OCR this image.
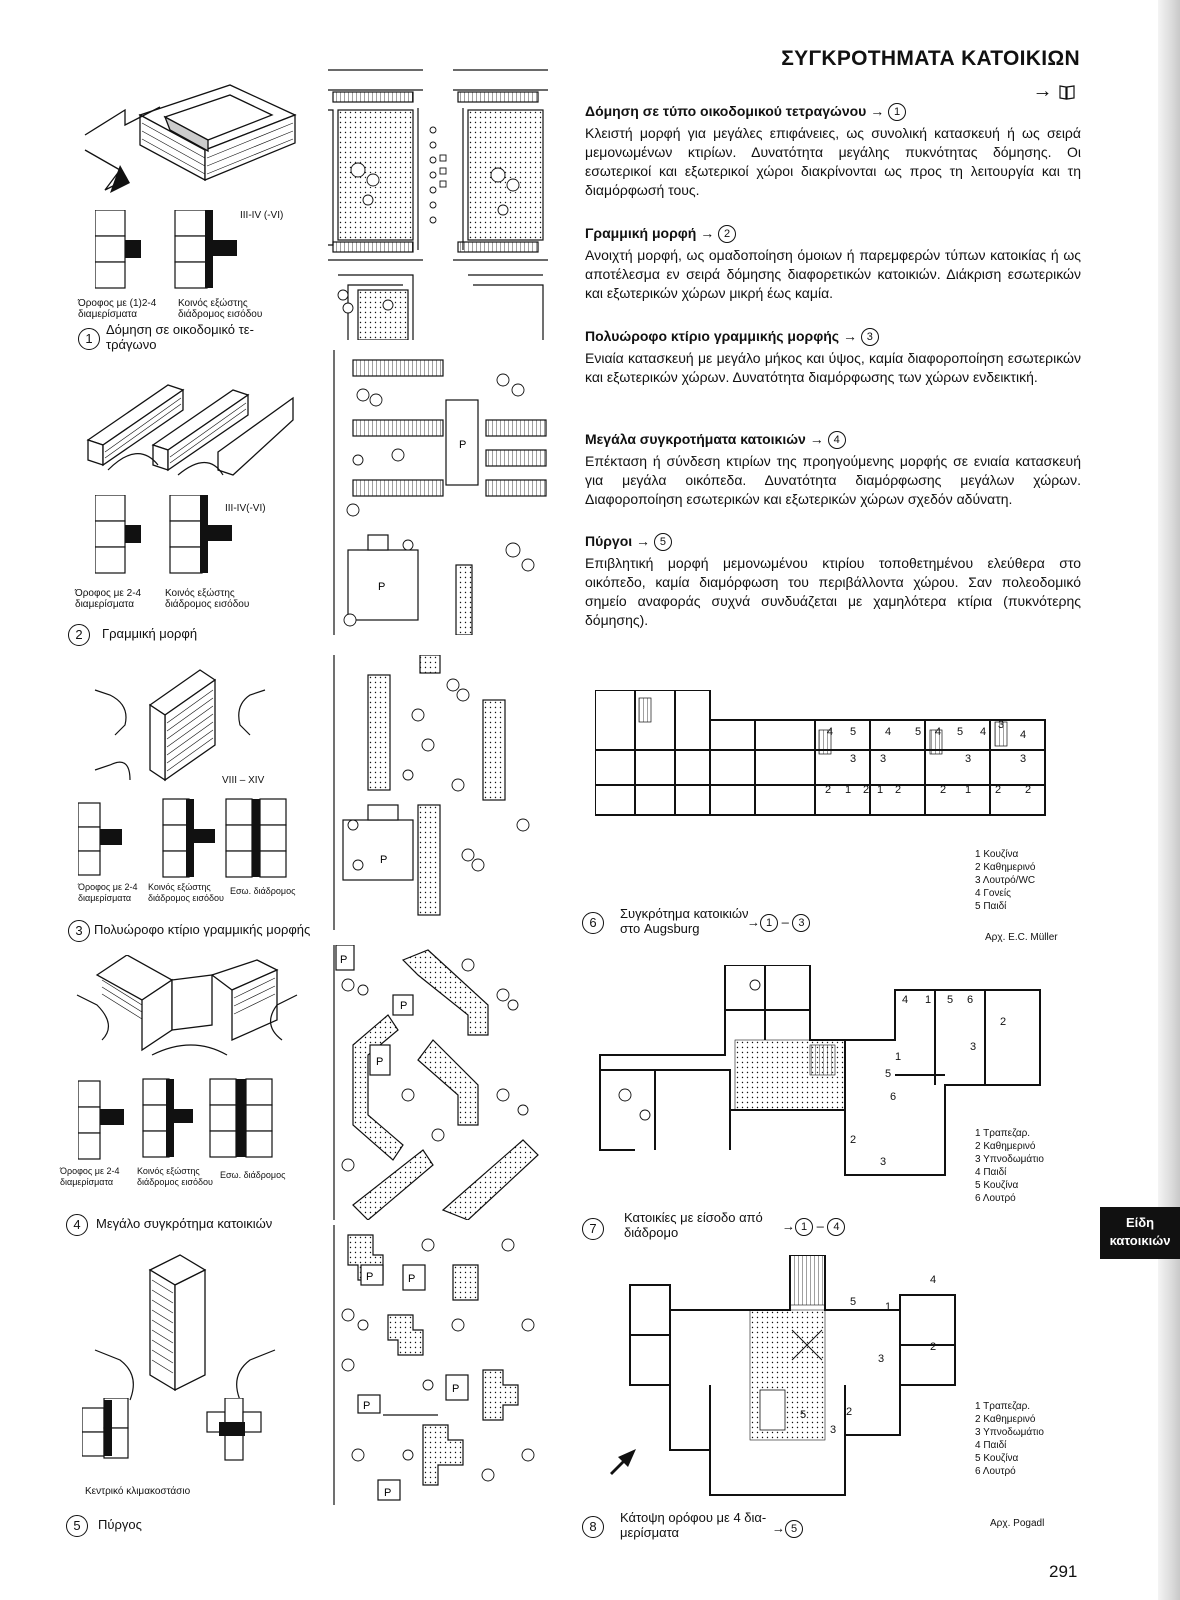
ΣΥΓΚΡΟΤΗΜΑΤΑ ΚΑΤΟΙΚΙΩΝ
→
Δόμηση σε τύπο οικοδομικού τετραγώνου → 1

Κλειστή μορφή για μεγάλες επιφάνειες, ως συνολική κατασκευή ή ως σειρά μεμονωμένων κτιρίων. Δυνατότητα μεγάλης πυκνότητας δόμησης. Οι εσωτερικοί και εξωτερικοί χώροι διακρίνονται ως προς τη λειτουργία και τη διαμόρφωσή τους.

Γραμμική μορφή → 2

Ανοιχτή μορφή, ως ομαδοποίηση όμοιων ή παρεμφερών τύπων κατοικίας ή ως αποτέλεσμα εν σειρά δόμησης διαφορετικών κατοικιών. Διάκριση εσωτερικών και εξωτερικών χώρων μικρή έως καμία.

Πολυώροφο κτίριο γραμμικής μορφής → 3

Ενιαία κατασκευή με μεγάλο μήκος και ύψος, καμία διαφοροποίηση εσωτερικών και εξωτερικών χώρων. Δυνατότητα διαμόρφωσης των χώρων ενδεικτική.

Μεγάλα συγκροτήματα κατοικιών → 4

Επέκταση ή σύνδεση κτιρίων της προηγούμενης μορφής σε ενιαία κατασκευή για μεγάλα οικόπεδα. Δυνατότητα διαμόρφωσης μεγάλων χώρων. Διαφοροποίηση εσωτερικών και εξωτερικών χώρων σχεδόν αδύνατη.

Πύργοι → 5

Επιβλητική μορφή μεμονωμένου κτιρίου τοποθετημένου ελεύθερα στο οικόπεδο, καμία διαμόρφωση του περιβάλλοντα χώρου. Σαν πολεοδομικό σημείο αναφοράς συχνά συνδυάζεται με χαμηλότερα κτίρια (πυκνότερης δόμησης).

III-IV (-VI)
Όροφος με (1)2-4 διαμερίσματα
Κοινός εξώστης διάδρομος εισόδου
1
Δόμηση σε οικοδομικό τε-
τράγωνο
III-IV(-VI)
Όροφος με 2-4 διαμερίσματα
Κοινός εξώστης διάδρομος εισόδου
2 Γραμμική μορφή
VIII – XIV
Όροφος με 2-4 διαμερίσματα
Κοινός εξώστης διάδρομος εισόδου
Εσω. διάδρομος
3 Πολυώροφο κτίριο γραμμικής μορφής
Όροφος με 2-4 διαμερίσματα
Κοινός εξώστης διάδρομος εισόδου
Εσω. διάδρομος
4 Μεγάλο συγκρότημα κατοικιών
Κεντρικό κλιμακοστάσιο
5 Πύργος
P
P
P
P
P
P
P	P
P
P
P
4 5	4 5 4 5 4
3
4
3 3	3	3
2 1 2 1 2	2 1 2 2
1 Κουζίνα
2 Καθημερινό
3 Λουτρό/WC
4 Γονείς
5 Παιδί
6
Συγκρότημα κατοικιών
στο Augsburg	→ 1 – 3
Αρχ. E.C. Müller
4 1 5 6
2
3
1
5
6
2
3
1 Τραπεζαρ.
2 Καθημερινό
3 Υπνοδωμάτιο
4 Παιδί
5 Κουζίνα
6 Λουτρό
7
Κατοικίες με είσοδο από
διάδρομο	→ 1 – 4
4
1
2
3
5
2
3
5
1 Τραπεζαρ.
2 Καθημερινό
3 Υπνοδωμάτιο
4 Παιδί
5 Κουζίνα
6 Λουτρό
8
Κάτοψη ορόφου με 4 δια-
μερίσματα	→ 5	Αρχ. Pogadl
Είδη
κατοικιών
291
